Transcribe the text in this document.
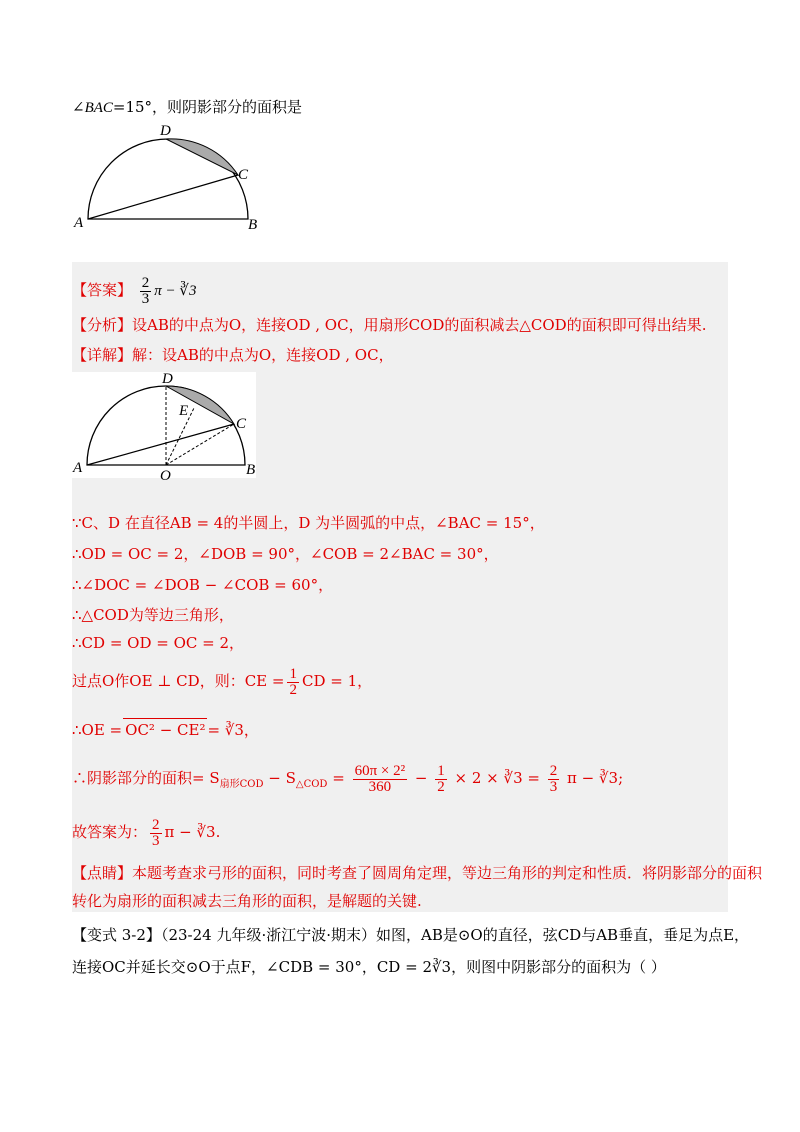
∠BAC=15°，则阴影部分的面积是
D
C
A	B
【答案】 $\frac{2}{3}$ π − ∛3
【分析】设AB的中点为O，连接OD , OC，用扇形COD的面积减去△COD的面积即可得出结果.
【详解】解：设AB的中点为O，连接OD , OC，
D
E
C
A	O	B
∵C、D 在直径AB = 4的半圆上，D 为半圆弧的中点，∠BAC = 15°，
∴OD = OC = 2，∠DOB = 90°，∠COB = 2∠BAC = 30°，
∴∠DOC = ∠DOB − ∠COB = 60°，
∴△COD为等边三角形，
∴CD = OD = OC = 2，
过点O作OE ⊥ CD，则：CE = $\frac{1}{2}$ CD = 1，
∴OE = OC² − CE² = ∛3，
∴阴影部分的面积= $S_{扇形COD} - S_{\triangle COD} = \frac{\text{60π × 2²}}{360} - \frac{1}{2} \times 2$ × ∛3 = $\frac{2}{3}$ π − ∛3;
故答案为： $\frac{2}{3}$ π − ∛3.
【点睛】本题考查求弓形的面积，同时考查了圆周角定理，等边三角形的判定和性质．将阴影部分的面积
转化为扇形的面积减去三角形的面积，是解题的关键.
【变式 3-2】（23-24 九年级·浙江宁波·期末）如图，AB是⊙O的直径，弦CD与AB垂直，垂足为点E，
连接OC并延长交⊙O于点F，∠CDB = 30°，CD = 2∛3，则图中阴影部分的面积为（ ）
